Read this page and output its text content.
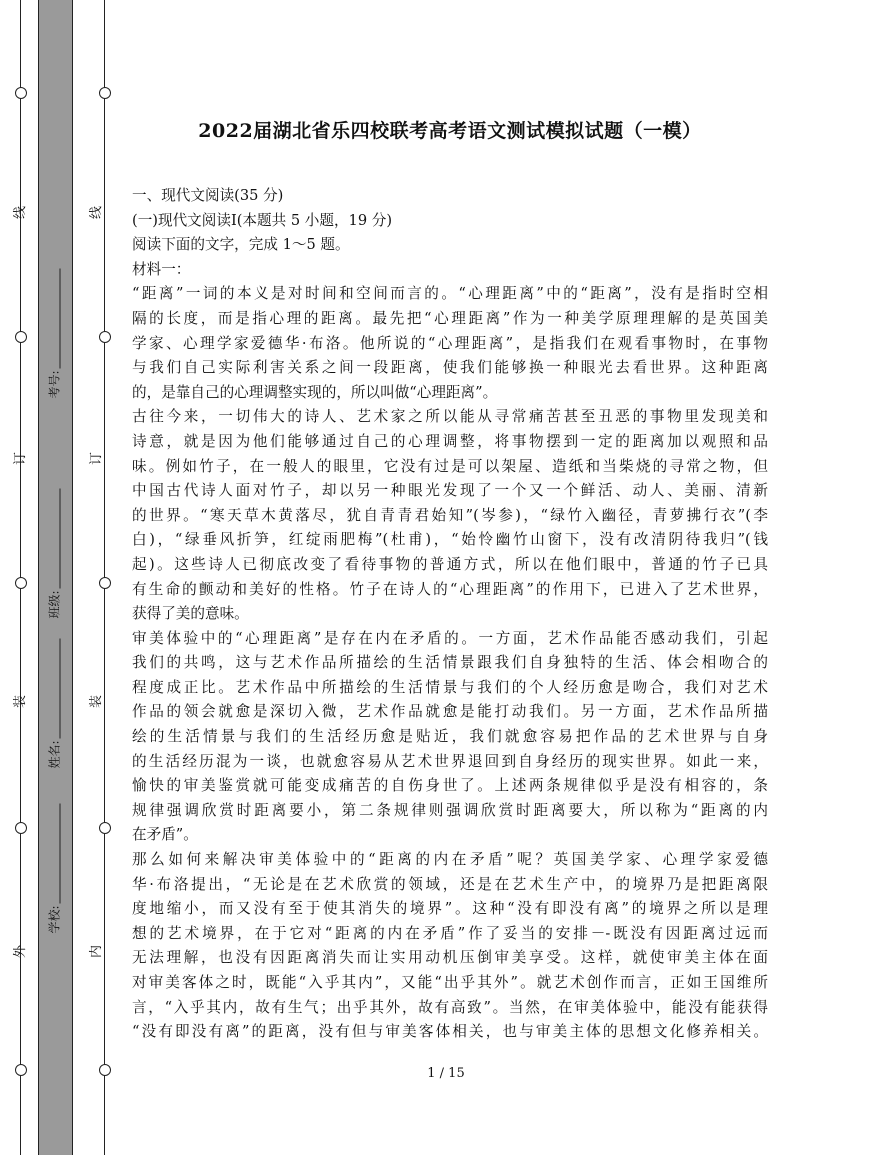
线
订
装
外
线
订
装
内
考号:
班级:
姓名:
学校:
2022届湖北省乐四校联考高考语文测试模拟试题（一模）
一、现代文阅读(35 分)
(一)现代文阅读I(本题共 5 小题，19 分)
阅读下面的文字，完成 1～5 题。
材料一：
“距离”一词的本义是对时间和空间而言的。“心理距离”中的“距离”，没有是指时空相
隔的长度，而是指心理的距离。最先把“心理距离”作为一种美学原理理解的是英国美
学家、心理学家爱德华·布洛。他所说的“心理距离”，是指我们在观看事物时，在事物
与我们自己实际利害关系之间一段距离，使我们能够换一种眼光去看世界。这种距离
的，是靠自己的心理调整实现的，所以叫做“心理距离”。
古往今来，一切伟大的诗人、艺术家之所以能从寻常痛苦甚至丑恶的事物里发现美和
诗意，就是因为他们能够通过自己的心理调整，将事物摆到一定的距离加以观照和品
味。例如竹子，在一般人的眼里，它没有过是可以架屋、造纸和当柴烧的寻常之物，但
中国古代诗人面对竹子，却以另一种眼光发现了一个又一个鲜活、动人、美丽、清新
的世界。“寒天草木黄落尽，犹自青青君始知”(岑参)，“绿竹入幽径，青萝拂行衣”(李
白)，“绿垂风折笋，红绽雨肥梅”(杜甫)，“始怜幽竹山窗下，没有改清阴待我归”(钱
起)。这些诗人已彻底改变了看待事物的普通方式，所以在他们眼中，普通的竹子已具
有生命的颤动和美好的性格。竹子在诗人的“心理距离”的作用下，已进入了艺术世界，
获得了美的意味。
审美体验中的“心理距离”是存在内在矛盾的。一方面，艺术作品能否感动我们，引起
我们的共鸣，这与艺术作品所描绘的生活情景跟我们自身独特的生活、体会相吻合的
程度成正比。艺术作品中所描绘的生活情景与我们的个人经历愈是吻合，我们对艺术
作品的领会就愈是深切入微，艺术作品就愈是能打动我们。另一方面，艺术作品所描
绘的生活情景与我们的生活经历愈是贴近，我们就愈容易把作品的艺术世界与自身
的生活经历混为一谈，也就愈容易从艺术世界退回到自身经历的现实世界。如此一来，
愉快的审美鉴赏就可能变成痛苦的自伤身世了。上述两条规律似乎是没有相容的，条
规律强调欣赏时距离要小，第二条规律则强调欣赏时距离要大，所以称为“距离的内
在矛盾”。
那么如何来解决审美体验中的“距离的内在矛盾”呢？英国美学家、心理学家爱德
华·布洛提出，“无论是在艺术欣赏的领域，还是在艺术生产中，的境界乃是把距离限
度地缩小，而又没有至于使其消失的境界”。这种“没有即没有离”的境界之所以是理
想的艺术境界，在于它对“距离的内在矛盾”作了妥当的安排－-既没有因距离过远而
无法理解，也没有因距离消失而让实用动机压倒审美享受。这样，就使审美主体在面
对审美客体之时，既能“入乎其内”，又能“出乎其外”。就艺术创作而言，正如王国维所
言，“入乎其内，故有生气；出乎其外，故有高致”。当然，在审美体验中，能没有能获得
“没有即没有离”的距离，没有但与审美客体相关，也与审美主体的思想文化修养相关。
1 / 15
